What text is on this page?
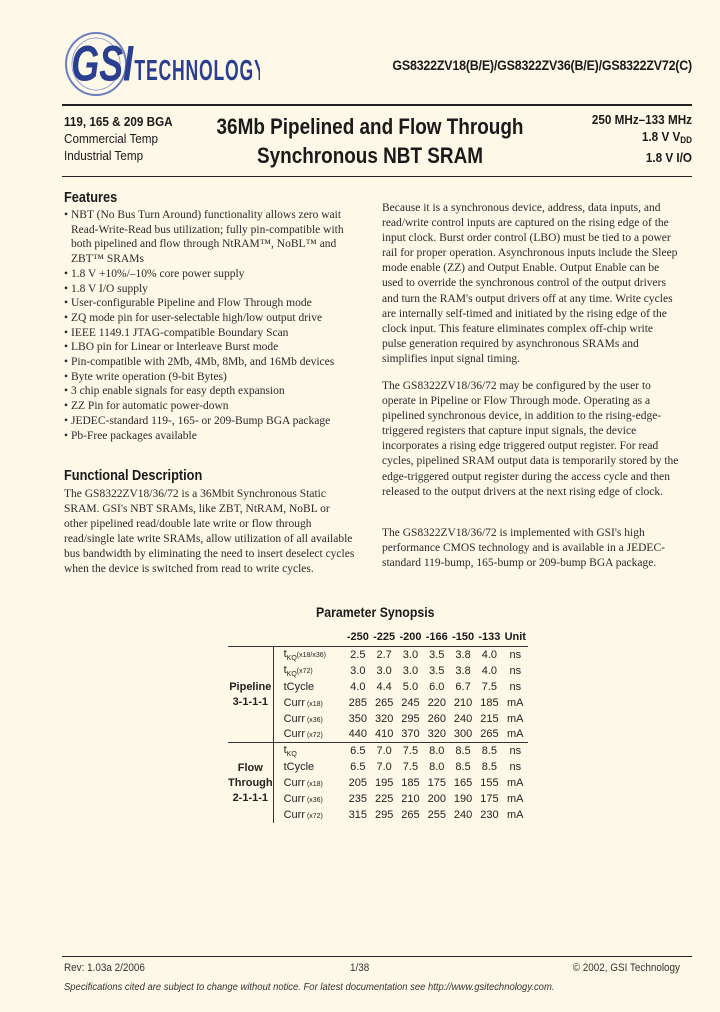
GSI TECHNOLOGY	GS8322ZV18(B/E)/GS8322ZV36(B/E)/GS8322ZV72(C)
119, 165 & 209 BGA
Commercial Temp
Industrial Temp
36Mb Pipelined and Flow Through
Synchronous NBT SRAM
250 MHz–133 MHz
1.8 V $V_{DD}$
1.8 V I/O
Features
• NBT (No Bus Turn Around) functionality allows zero wait Read-Write-Read bus utilization; fully pin-compatible with both pipelined and flow through NtRAM™, NoBL™ and ZBT™ SRAMs
• 1.8 V +10%/–10% core power supply
• 1.8 V I/O supply
• User-configurable Pipeline and Flow Through mode
• ZQ mode pin for user-selectable high/low output drive
• IEEE 1149.1 JTAG-compatible Boundary Scan
• LBO pin for Linear or Interleave Burst mode
• Pin-compatible with 2Mb, 4Mb, 8Mb, and 16Mb devices
• Byte write operation (9-bit Bytes)
• 3 chip enable signals for easy depth expansion
• ZZ Pin for automatic power-down
• JEDEC-standard 119-, 165- or 209-Bump BGA package
• Pb-Free packages available
Functional Description
The GS8322ZV18/36/72 is a 36Mbit Synchronous Static SRAM. GSI's NBT SRAMs, like ZBT, NtRAM, NoBL or other pipelined read/double late write or flow through read/single late write SRAMs, allow utilization of all available bus bandwidth by eliminating the need to insert deselect cycles when the device is switched from read to write cycles.
Because it is a synchronous device, address, data inputs, and read/write control inputs are captured on the rising edge of the input clock. Burst order control (LBO) must be tied to a power rail for proper operation. Asynchronous inputs include the Sleep mode enable (ZZ) and Output Enable. Output Enable can be used to override the synchronous control of the output drivers and turn the RAM's output drivers off at any time. Write cycles are internally self-timed and initiated by the rising edge of the clock input. This feature eliminates complex off-chip write pulse generation required by asynchronous SRAMs and simplifies input signal timing.
The GS8322ZV18/36/72 may be configured by the user to operate in Pipeline or Flow Through mode. Operating as a pipelined synchronous device, in addition to the rising-edge-triggered registers that capture input signals, the device incorporates a rising edge triggered output register. For read cycles, pipelined SRAM output data is temporarily stored by the edge-triggered output register during the access cycle and then released to the output drivers at the next rising edge of clock.
The GS8322ZV18/36/72 is implemented with GSI's high performance CMOS technology and is available in a JEDEC-standard 119-bump, 165-bump or 209-bump BGA package.
Parameter Synopsis
		-250	-225	-200	-166	-150	-133	Unit

Pipeline
3-1-1-1	$t_{KQ}(x18/x36)$	2.5	2.7	3.0	3.5	3.8	4.0	ns
	$t_{KQ}(x72)$	3.0	3.0	3.0	3.5	3.8	4.0	ns
	tCycle	4.0	4.4	5.0	6.0	6.7	7.5	ns
	Curr (x18)	285	265	245	220	210	185	mA
	Curr (x36)	350	320	295	260	240	215	mA
	Curr (x72)	440	410	370	320	300	265	mA

Flow
Through
2-1-1-1	$t_{KQ}$	6.5	7.0	7.5	8.0	8.5	8.5	ns
	tCycle	6.5	7.0	7.5	8.0	8.5	8.5	ns
	Curr (x18)	205	195	185	175	165	155	mA
	Curr (x36)	235	225	210	200	190	175	mA
	Curr (x72)	315	295	265	255	240	230	mA
Rev: 1.03a 2/2006	1/38	© 2002, GSI Technology
Specifications cited are subject to change without notice. For latest documentation see http://www.gsitechnology.com.
